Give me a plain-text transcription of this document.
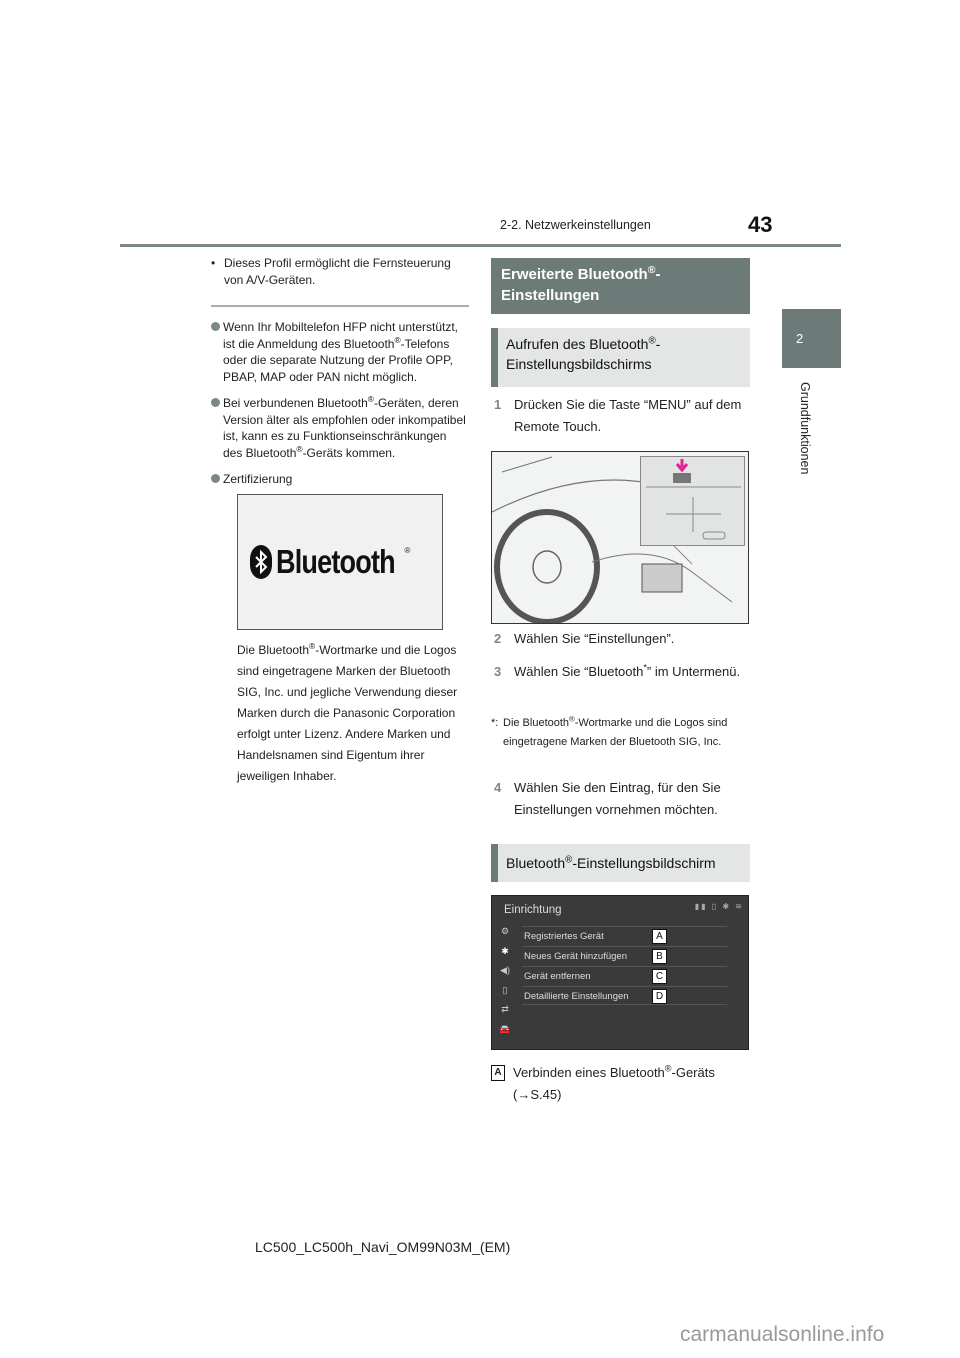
2-2. Netzwerkeinstellungen	43
2
Grundfunktionen
• Dieses Profil ermöglicht die Fernsteuerung von A/V-Geräten.
Wenn Ihr Mobiltelefon HFP nicht unterstützt, ist die Anmeldung des Bluetooth®-Telefons oder die separate Nutzung der Profile OPP, PBAP, MAP oder PAN nicht möglich.
Bei verbundenen Bluetooth®-Geräten, deren Version älter als empfohlen oder inkompatibel ist, kann es zu Funktionseinschränkungen des Bluetooth®-Geräts kommen.
Zertifizierung
Bluetooth ®
Die Bluetooth®-Wortmarke und die Logos sind eingetragene Marken der Bluetooth SIG, Inc. und jegliche Verwendung dieser Marken durch die Panasonic Corporation erfolgt unter Lizenz. Andere Marken und Handelsnamen sind Eigentum ihrer jeweiligen Inhaber.
Erweiterte Bluetooth®-Einstellungen
Aufrufen des Bluetooth®-Einstellungsbildschirms
1 Drücken Sie die Taste “MENU” auf dem Remote Touch.
2 Wählen Sie “Einstellungen”.
3 Wählen Sie “Bluetooth*” im Untermenü.
*: Die Bluetooth®-Wortmarke und die Logos sind eingetragene Marken der Bluetooth SIG, Inc.
4 Wählen Sie den Eintrag, für den Sie Einstellungen vornehmen möchten.
Bluetooth®-Einstellungsbildschirm
Einrichtung	▮▮ ▯ ✱ ≋
⚙
✱
◀)
▯
⇄
🚘
Registriertes Gerät	A
Neues Gerät hinzufügen	B
Gerät entfernen	C
Detaillierte Einstellungen	D
A Verbinden eines Bluetooth®-Geräts (→S.45)
LC500_LC500h_Navi_OM99N03M_(EM)
carmanualsonline.info
